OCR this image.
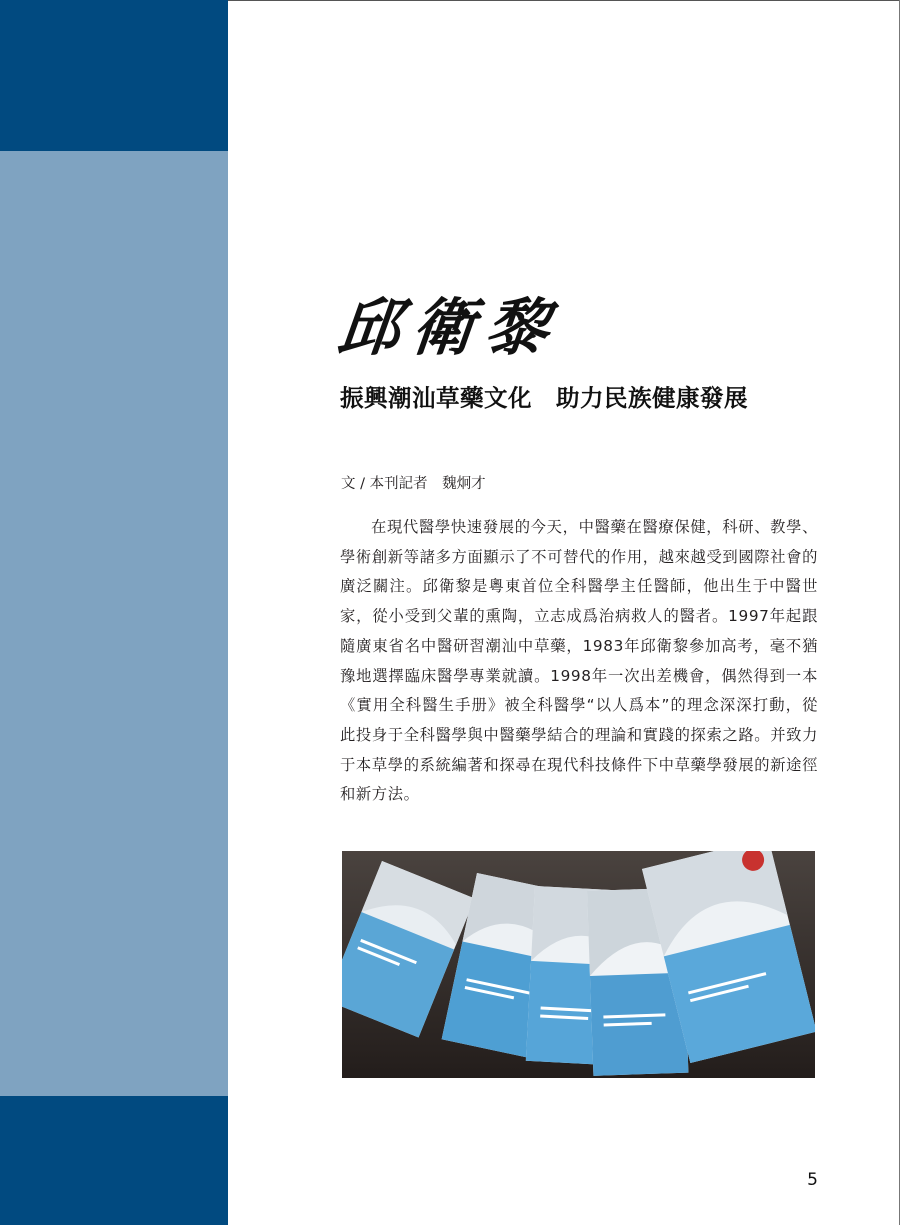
邱衛黎
振興潮汕草藥文化　助力民族健康發展
文 / 本刊記者　魏炯才

在現代醫學快速發展的今天，中醫藥在醫療保健，科研、教學、學術創新等諸多方面顯示了不可替代的作用，越來越受到國際社會的廣泛關注。邱衛黎是粵東首位全科醫學主任醫師，他出生于中醫世家，從小受到父輩的熏陶，立志成爲治病救人的醫者。1997年起跟隨廣東省名中醫研習潮汕中草藥，1983年邱衛黎參加高考，毫不猶豫地選擇臨床醫學專業就讀。1998年一次出差機會，偶然得到一本《實用全科醫生手册》被全科醫學“以人爲本”的理念深深打動，從此投身于全科醫學與中醫藥學結合的理論和實踐的探索之路。并致力于本草學的系統編著和探尋在現代科技條件下中草藥學發展的新途徑和新方法。

5
